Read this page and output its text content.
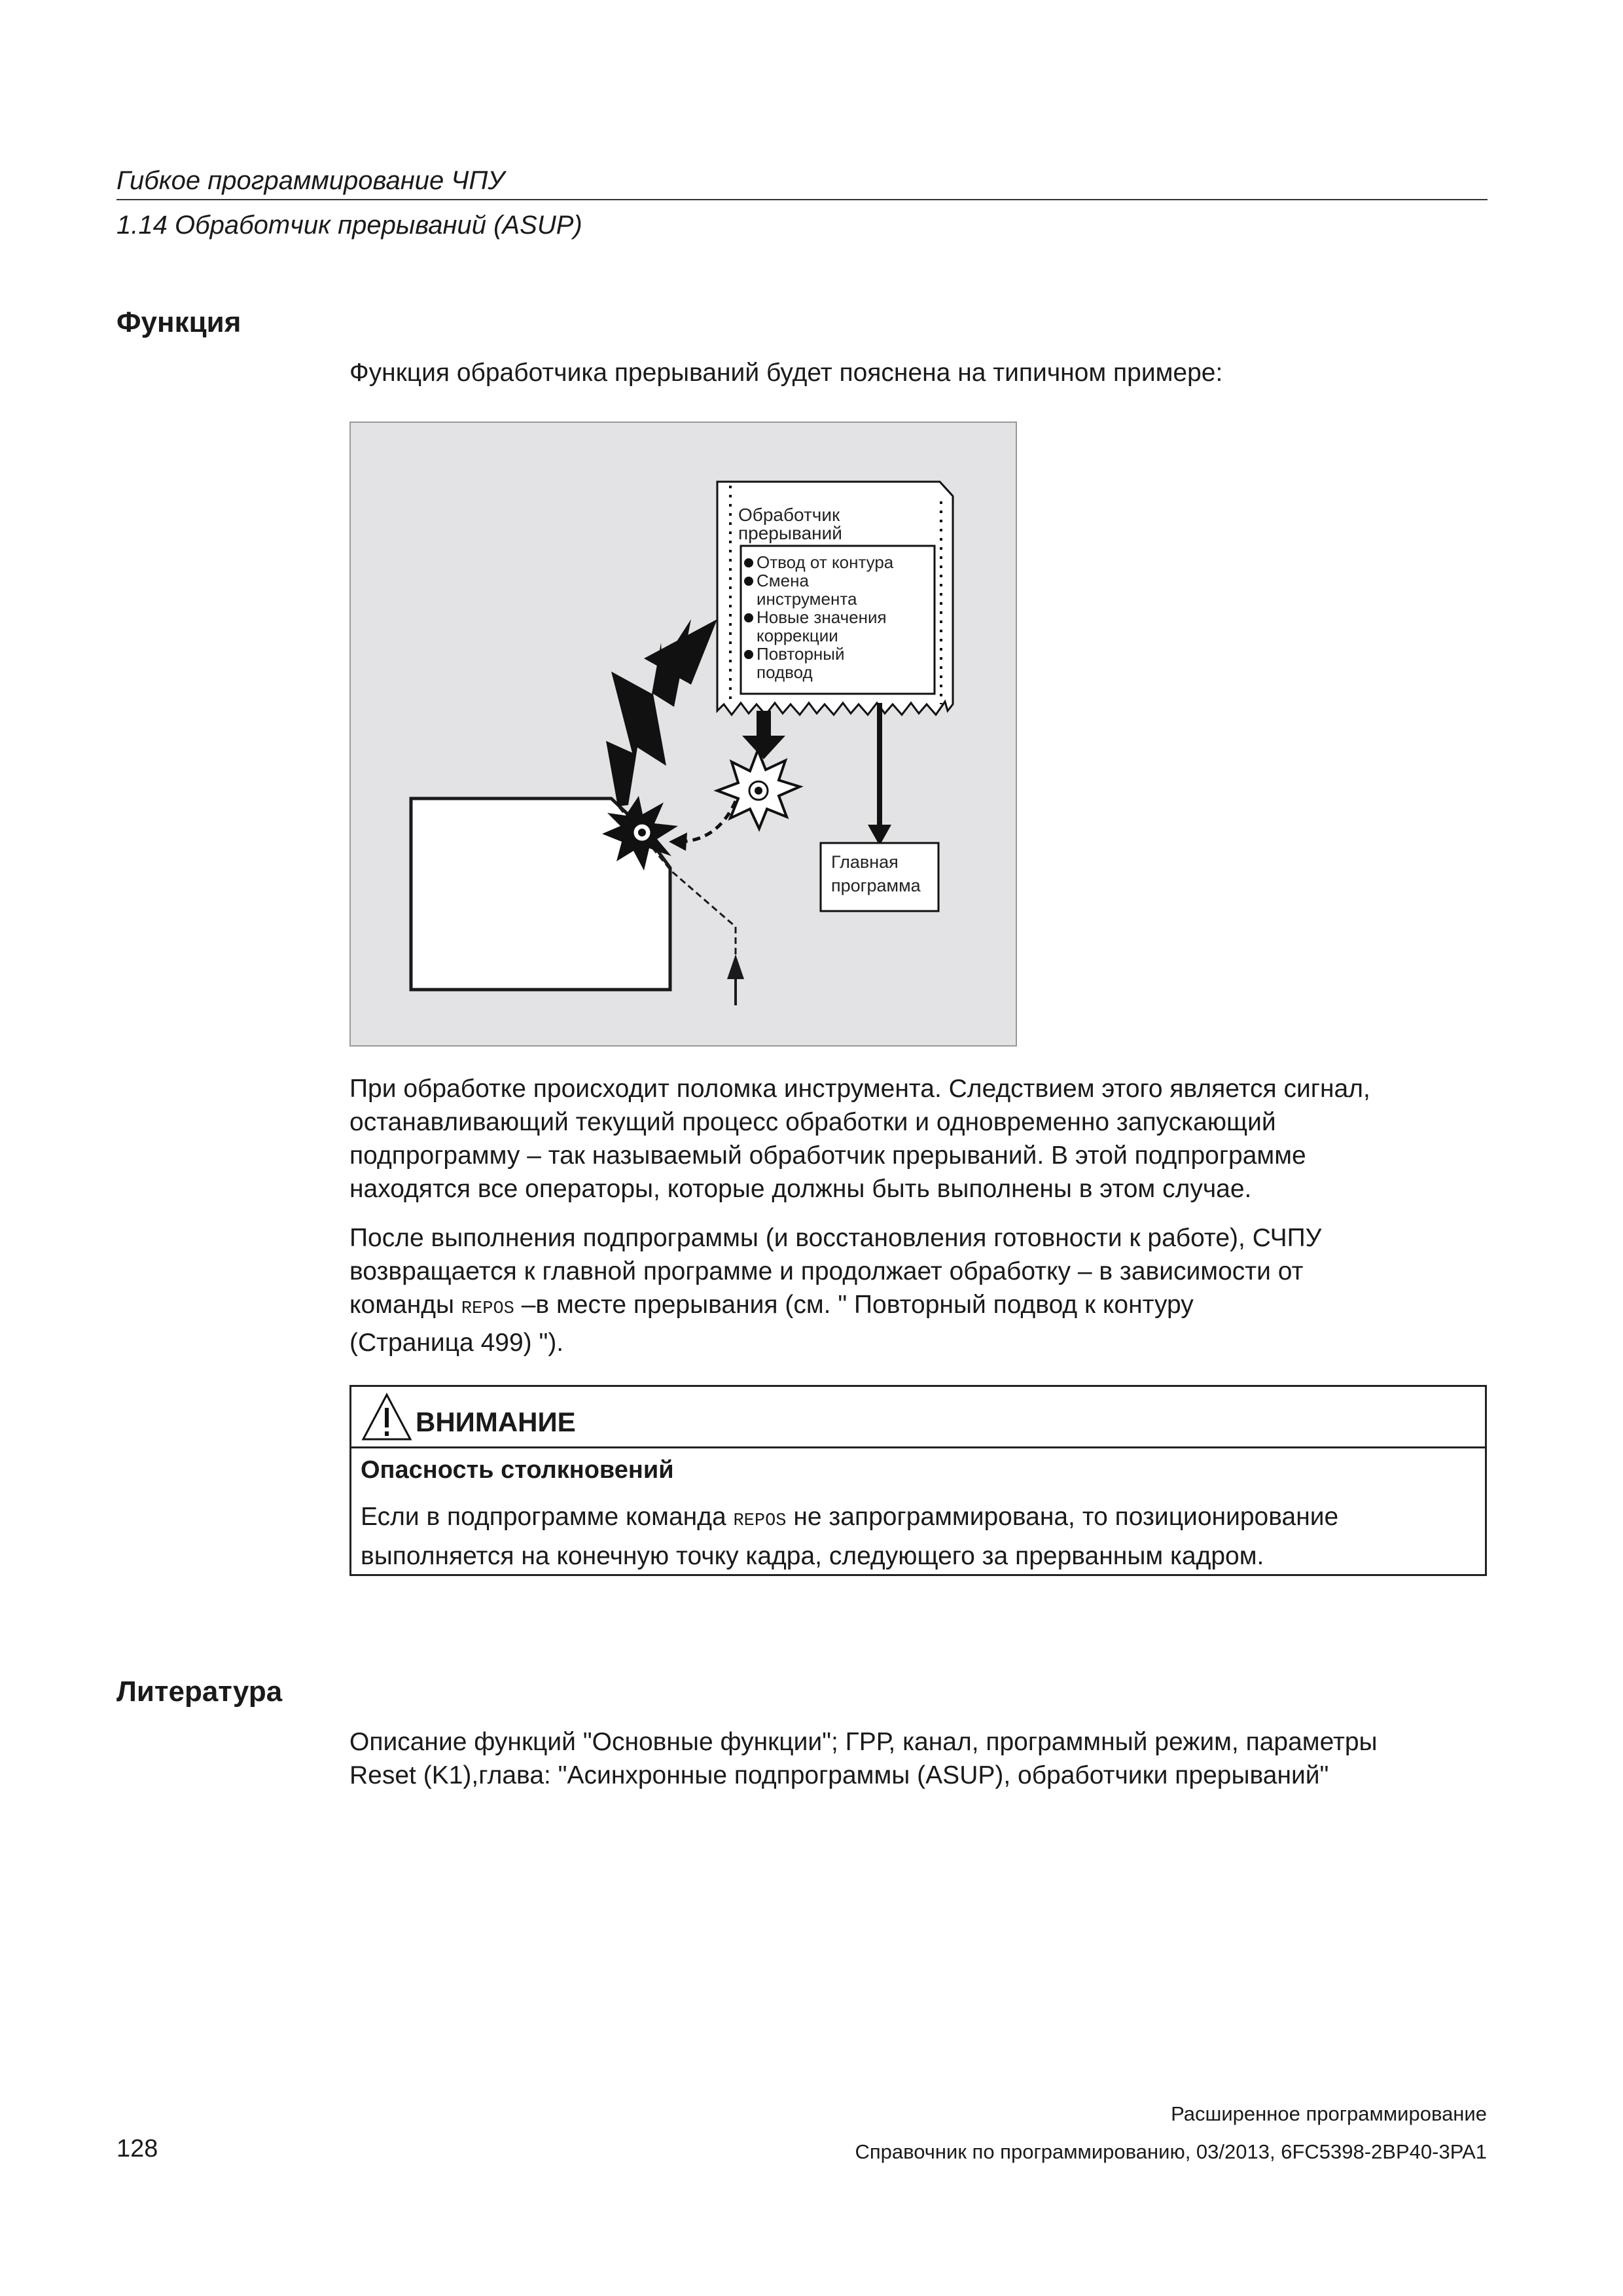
Гибкое программирование ЧПУ
1.14 Обработчик прерываний (ASUP)
Функция
Функция обработчика прерываний будет пояснена на типичном примере:
Обработчик
прерываний
Отвод от контура
Смена
инструмента
Новые значения
коррекции
Повторный
подвод
Главная
программа

При обработке происходит поломка инструмента. Следствием этого является сигнал,

останавливающий текущий процесс обработки и одновременно запускающий

подпрограмму – так называемый обработчик прерываний. В этой подпрограмме

находятся все операторы, которые должны быть выполнены в этом случае.

После выполнения подпрограммы (и восстановления готовности к работе), СЧПУ

возвращается к главной программе и продолжает обработку – в зависимости от

команды REPOS –в месте прерывания (см. " Повторный подвод к контуру

(Страница 499) ").

ВНИМАНИЕ
Опасность столкновений

Если в подпрограмме команда REPOS не запрограммирована, то позиционирование

выполняется на конечную точку кадра, следующего за прерванным кадром.

Литература

Описание функций "Основные функции"; ГРР, канал, программный режим, параметры

Reset (K1),глава: "Асинхронные подпрограммы (ASUP), обработчики прерываний"

Расширенное программирование
Справочник по программированию, 03/2013, 6FC5398-2BP40-3PA1
128
